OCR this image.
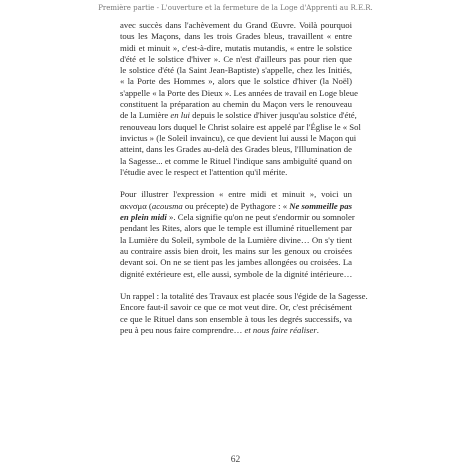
Première partie - L'ouverture et la fermeture de la Loge d'Apprenti au R.E.R.
avec succès dans l'achèvement du Grand Œuvre. Voilà pourquoi
tous les Maçons, dans les trois Grades bleus, travaillent « entre
midi et minuit », c'est-à-dire, mutatis mutandis, « entre le solstice
d'été et le solstice d'hiver ». Ce n'est d'ailleurs pas pour rien que
le solstice d'été (la Saint Jean-Baptiste) s'appelle, chez les Initiés,
« la Porte des Hommes », alors que le solstice d'hiver (la Noël)
s'appelle « la Porte des Dieux ». Les années de travail en Loge bleue
constituent la préparation au chemin du Maçon vers le renouveau
de la Lumière en lui depuis le solstice d'hiver jusqu'au solstice d'été,
renouveau lors duquel le Christ solaire est appelé par l'Église le « Sol
invictus » (le Soleil invaincu), ce que devient lui aussi le Maçon qui
atteint, dans les Grades au-delà des Grades bleus, l'Illumination de
la Sagesse... et comme le Rituel l'indique sans ambiguïté quand on
l'étudie avec le respect et l'attention qu'il mérite.
Pour illustrer l'expression « entre midi et minuit », voici un
ακνσμα (acousma ou précepte) de Pythagore : « Ne sommeille pas
en plein midi ». Cela signifie qu'on ne peut s'endormir ou somnoler
pendant les Rites, alors que le temple est illuminé rituellement par
la Lumière du Soleil, symbole de la Lumière divine… On s'y tient
au contraire assis bien droit, les mains sur les genoux ou croisées
devant soi. On ne se tient pas les jambes allongées ou croisées. La
dignité extérieure est, elle aussi, symbole de la dignité intérieure…
Un rappel : la totalité des Travaux est placée sous l'égide de la Sagesse.
Encore faut-il savoir ce que ce mot veut dire. Or, c'est précisément
ce que le Rituel dans son ensemble à tous les degrés successifs, va
peu à peu nous faire comprendre… et nous faire réaliser.
62
